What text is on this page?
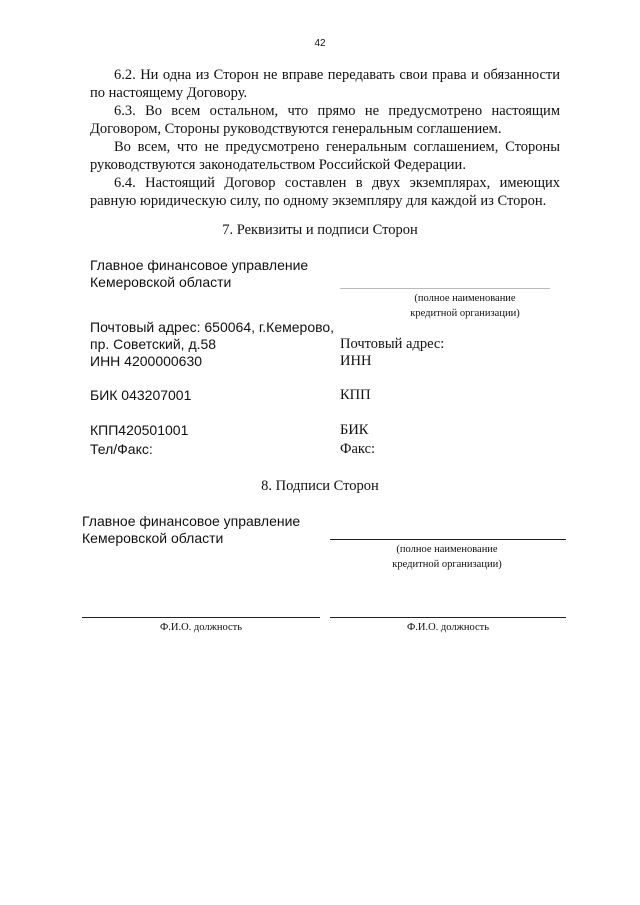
42
6.2. Ни одна из Сторон не вправе передавать свои права и обязанности по настоящему Договору.
6.3. Во всем остальном, что прямо не предусмотрено настоящим Договором, Стороны руководствуются генеральным соглашением.
Во всем, что не предусмотрено генеральным соглашением, Стороны руководствуются законодательством Российской Федерации.
6.4. Настоящий Договор составлен в двух экземплярах, имеющих равную юридическую силу, по одному экземпляру для каждой из Сторон.
7. Реквизиты и подписи Сторон
Главное финансовое управление
Кемеровской области
Почтовый адрес: 650064, г.Кемерово,
пр. Советский, д.58
ИНН 4200000630
БИК 043207001
КПП420501001
Тел/Факс:
(полное наименование
кредитной организации)
Почтовый адрес:
ИНН
КПП
БИК
Факс:
8. Подписи Сторон
Главное финансовое управление
Кемеровской области
Ф.И.О. должность
(полное наименование
кредитной организации)
Ф.И.О. должность
